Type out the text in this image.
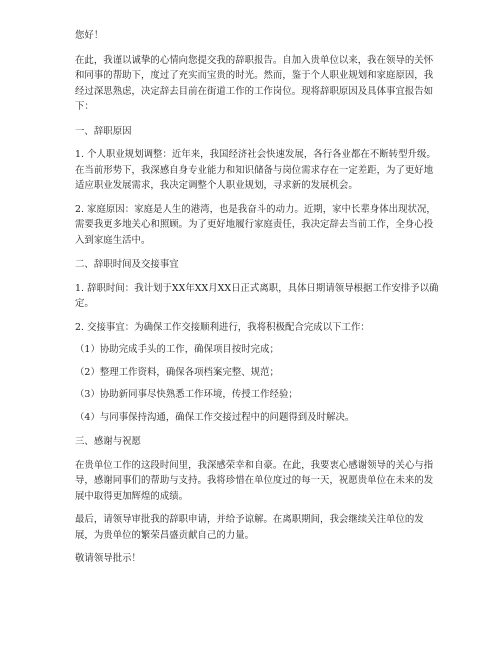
您好！

在此，我谨以诚挚的心情向您提交我的辞职报告。自加入贵单位以来，我在领导的关怀和同事的帮助下，度过了充实而宝贵的时光。然而，鉴于个人职业规划和家庭原因，我经过深思熟虑，决定辞去目前在街道工作的工作岗位。现将辞职原因及具体事宜报告如下：

一、辞职原因

1. 个人职业规划调整：近年来，我国经济社会快速发展，各行各业都在不断转型升级。在当前形势下，我深感自身专业能力和知识储备与岗位需求存在一定差距，为了更好地适应职业发展需求，我决定调整个人职业规划，寻求新的发展机会。

2. 家庭原因：家庭是人生的港湾，也是我奋斗的动力。近期，家中长辈身体出现状况，需要我更多地关心和照顾。为了更好地履行家庭责任，我决定辞去当前工作，全身心投入到家庭生活中。

二、辞职时间及交接事宜

1. 辞职时间：我计划于XX年XX月XX日正式离职，具体日期请领导根据工作安排予以确定。

2. 交接事宜：为确保工作交接顺利进行，我将积极配合完成以下工作：

（1）协助完成手头的工作，确保项目按时完成；

（2）整理工作资料，确保各项档案完整、规范；

（3）协助新同事尽快熟悉工作环境，传授工作经验；

（4）与同事保持沟通，确保工作交接过程中的问题得到及时解决。

三、感谢与祝愿

在贵单位工作的这段时间里，我深感荣幸和自豪。在此，我要衷心感谢领导的关心与指导，感谢同事们的帮助与支持。我将珍惜在单位度过的每一天，祝愿贵单位在未来的发展中取得更加辉煌的成绩。

最后，请领导审批我的辞职申请，并给予谅解。在离职期间，我会继续关注单位的发展，为贵单位的繁荣昌盛贡献自己的力量。

敬请领导批示！
